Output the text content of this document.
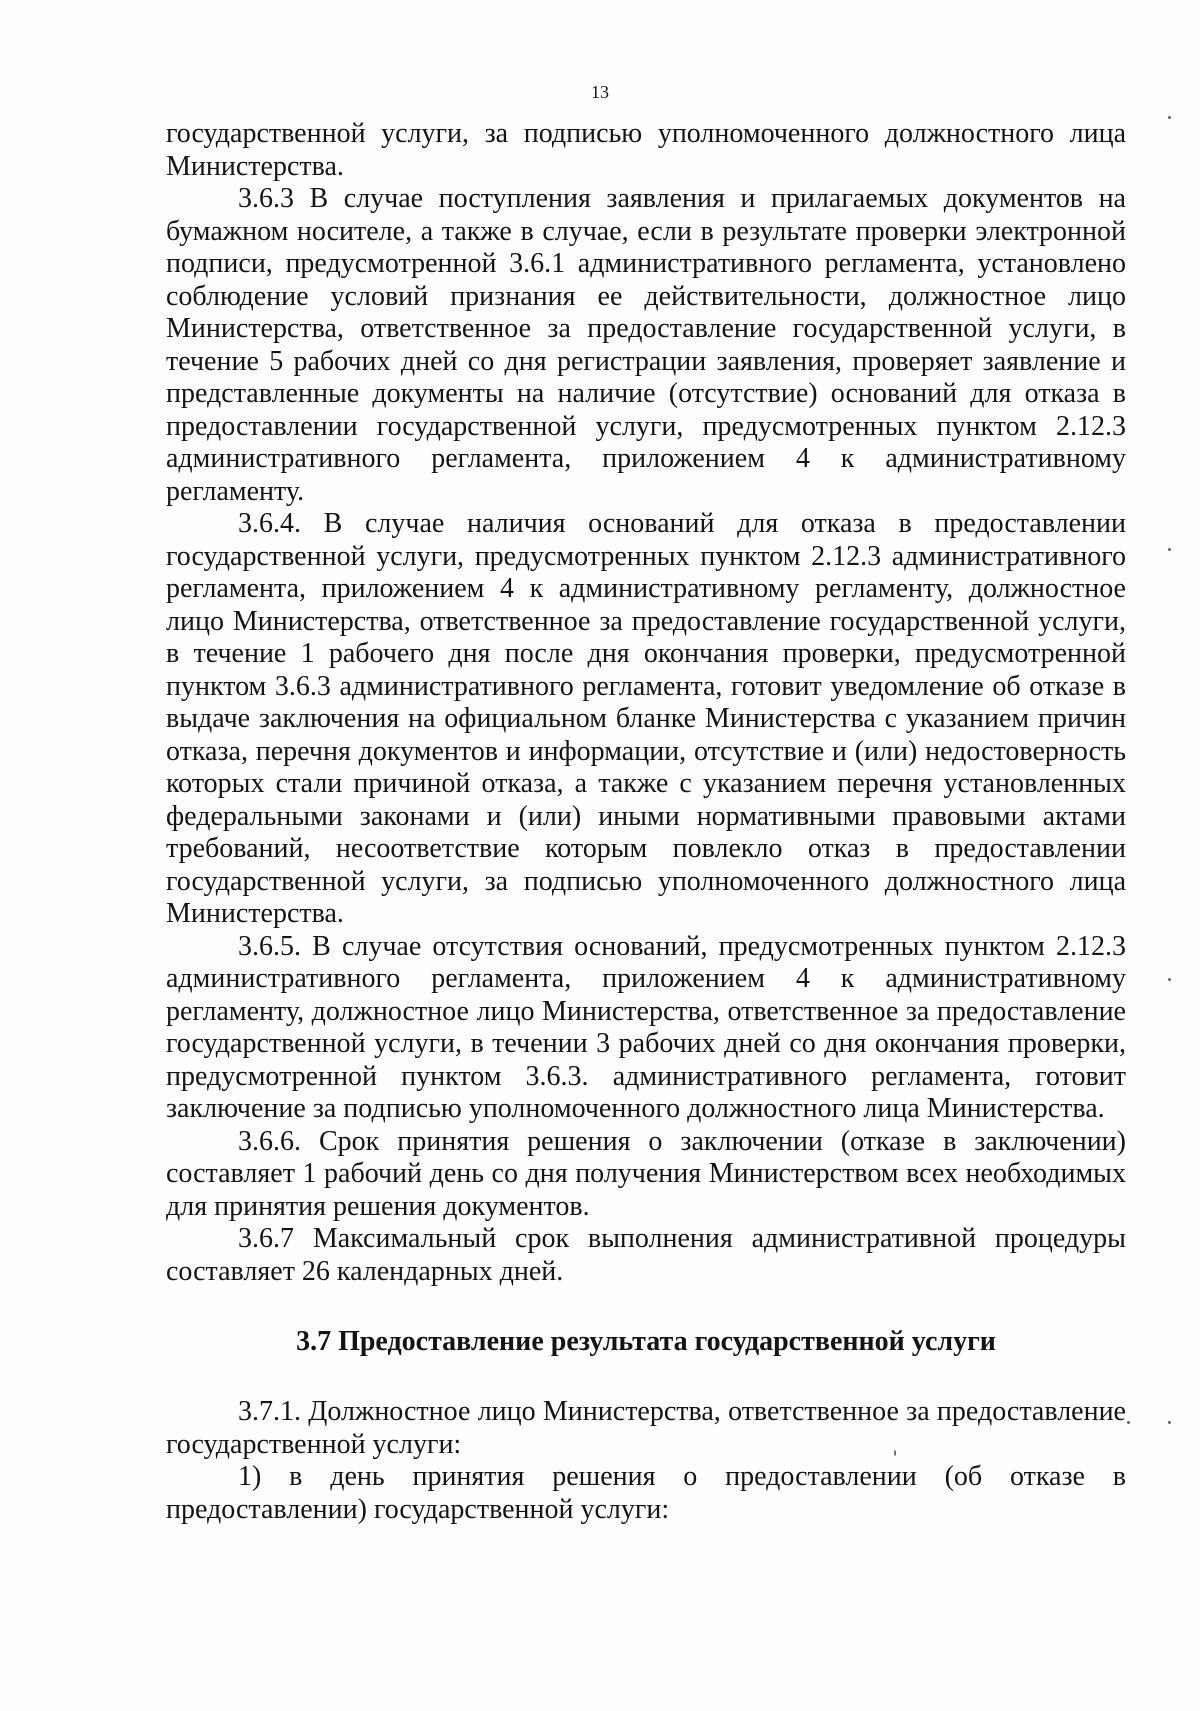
13

государственной услуги, за подписью уполномоченного должностного лица Министерства.

3.6.3 В случае поступления заявления и прилагаемых документов на бумажном носителе, а также в случае, если в результате проверки электронной подписи, предусмотренной 3.6.1 административного регламента, установлено соблюдение условий признания ее действительности, должностное лицо Министерства, ответственное за предоставление государственной услуги, в течение 5 рабочих дней со дня регистрации заявления, проверяет заявление и представленные документы на наличие (отсутствие) оснований для отказа в предоставлении государственной услуги, предусмотренных пунктом 2.12.3 административного регламента, приложением 4 к административному регламенту.

3.6.4. В случае наличия оснований для отказа в предоставлении государственной услуги, предусмотренных пунктом 2.12.3 административного регламента, приложением 4 к административному регламенту, должностное лицо Министерства, ответственное за предоставление государственной услуги, в течение 1 рабочего дня после дня окончания проверки, предусмотренной пунктом 3.6.3 административного регламента, готовит уведомление об отказе в выдаче заключения на официальном бланке Министерства с указанием причин отказа, перечня документов и информации, отсутствие и (или) недостоверность которых стали причиной отказа, а также с указанием перечня установленных федеральными законами и (или) иными нормативными правовыми актами требований, несоответствие которым повлекло отказ в предоставлении государственной услуги, за подписью уполномоченного должностного лица Министерства.

3.6.5. В случае отсутствия оснований, предусмотренных пунктом 2.12.3 административного регламента, приложением 4 к административному регламенту, должностное лицо Министерства, ответственное за предоставление государственной услуги, в течении 3 рабочих дней со дня окончания проверки, предусмотренной пунктом 3.6.3. административного регламента, готовит заключение за подписью уполномоченного должностного лица Министерства.

3.6.6. Срок принятия решения о заключении (отказе в заключении) составляет 1 рабочий день со дня получения Министерством всех необходимых для принятия решения документов.

3.6.7 Максимальный срок выполнения административной процедуры составляет 26 календарных дней.

3.7 Предоставление результата государственной услуги

3.7.1. Должностное лицо Министерства, ответственное за предоставление государственной услуги:

1) в день принятия решения о предоставлении (об отказе в предоставлении) государственной услуги:
